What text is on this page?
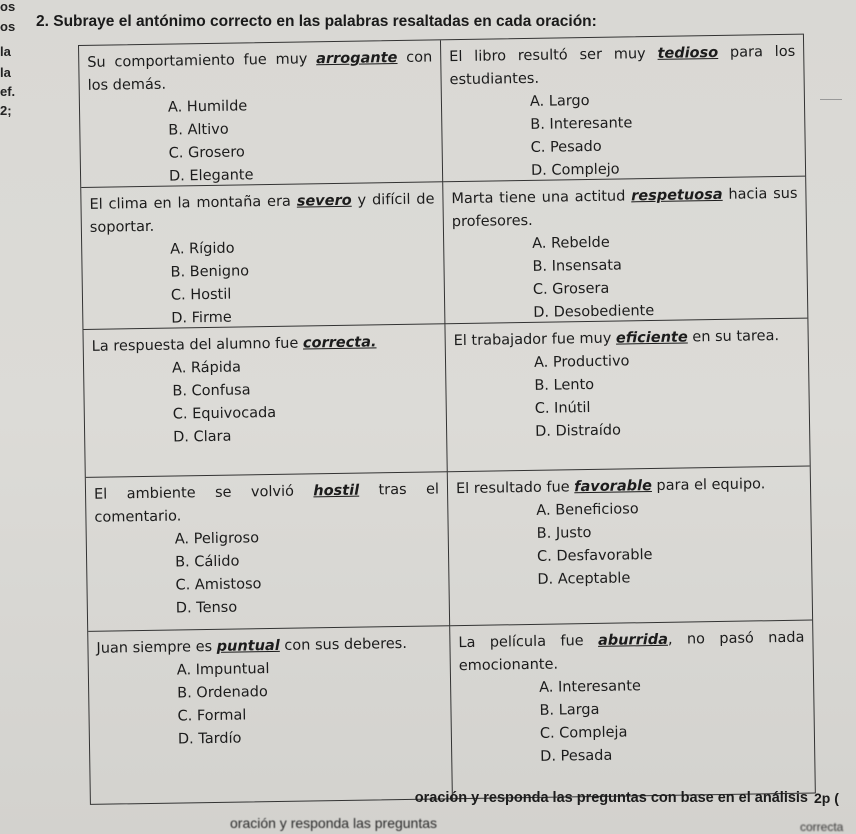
os
os
la
la
ef.
2;
2. Subraye el antónimo correcto en las palabras resaltadas en cada oración:

Su comportamiento fue muy arrogante con los demás.

A. Humilde
B. Altivo
C. Grosero
D. Elegante

El libro resultó ser muy tedioso para los estudiantes.

A. Largo
B. Interesante
C. Pesado
D. Complejo

El clima en la montaña era severo y difícil de soportar.

A. Rígido
B. Benigno
C. Hostil
D. Firme

Marta tiene una actitud respetuosa hacia sus profesores.

A. Rebelde
B. Insensata
C. Grosera
D. Desobediente

La respuesta del alumno fue correcta.

A. Rápida
B. Confusa
C. Equivocada
D. Clara

El trabajador fue muy eficiente en su tarea.

A. Productivo
B. Lento
C. Inútil
D. Distraído

El ambiente se volvió hostil tras el comentario.

A. Peligroso
B. Cálido
C. Amistoso
D. Tenso

El resultado fue favorable para el equipo.

A. Beneficioso
B. Justo
C. Desfavorable
D. Aceptable

Juan siempre es puntual con sus deberes.

A. Impuntual
B. Ordenado
C. Formal
D. Tardío

La película fue aburrida, no pasó nada emocionante.

A. Interesante
B. Larga
C. Compleja
D. Pesada
oración y responda las preguntas con base en el análisis 2p (
oración y responda las preguntas	correcta
